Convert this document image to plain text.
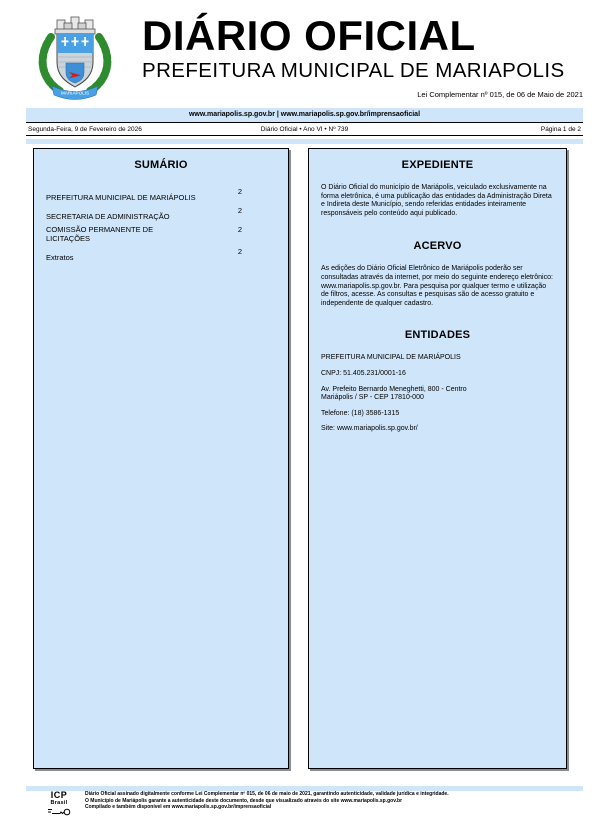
MARIÁPOLIS
DIÁRIO OFICIAL
PREFEITURA MUNICIPAL DE MARIAPOLIS
Lei Complementar nº 015, de 06 de Maio de 2021
www.mariapolis.sp.gov.br | www.mariapolis.sp.gov.br/imprensaoficial
Segunda-Feira, 9 de Fevereiro de 2026	Diário Oficial • Ano VI • Nº 739	Página 1 de 2
SUMÁRIO
PREFEITURA MUNICIPAL DE MARIÁPOLIS
2
SECRETARIA DE ADMINISTRAÇÃO
2
COMISSÃO PERMANENTE DE LICITAÇÕES
2
Extratos
2
EXPEDIENTE
O Diário Oficial do município de Mariápolis, veiculado exclusivamente na forma eletrônica, é uma publicação das entidades da Administração Direta e Indireta deste Município, sendo referidas entidades inteiramente responsáveis pelo conteúdo aqui publicado.
ACERVO
As edições do Diário Oficial Eletrônico de Mariápolis poderão ser consultadas através da internet, por meio do seguinte endereço eletrônico: www.mariapolis.sp.gov.br. Para pesquisa por qualquer termo e utilização de filtros, acesse. As consultas e pesquisas são de acesso gratuito e independente de qualquer cadastro.
ENTIDADES
PREFEITURA MUNICIPAL DE MARIÁPOLIS
CNPJ: 51.405.231/0001-16
Av. Prefeito Bernardo Meneghetti, 800 - Centro
Mariápolis / SP - CEP 17810-000
Telefone: (18) 3586-1315
Site: www.mariapolis.sp.gov.br/
ICP
Brasil
Diário Oficial assinado digitalmente conforme Lei Complementar nº 015, de 06 de maio de 2021, garantindo autenticidade, validade jurídica e integridade.
O Município de Mariápolis garante a autenticidade deste documento, desde que visualizado através do site www.mariapolis.sp.gov.br
Compilado e também disponível em www.mariapolis.sp.gov.br/imprensaoficial
